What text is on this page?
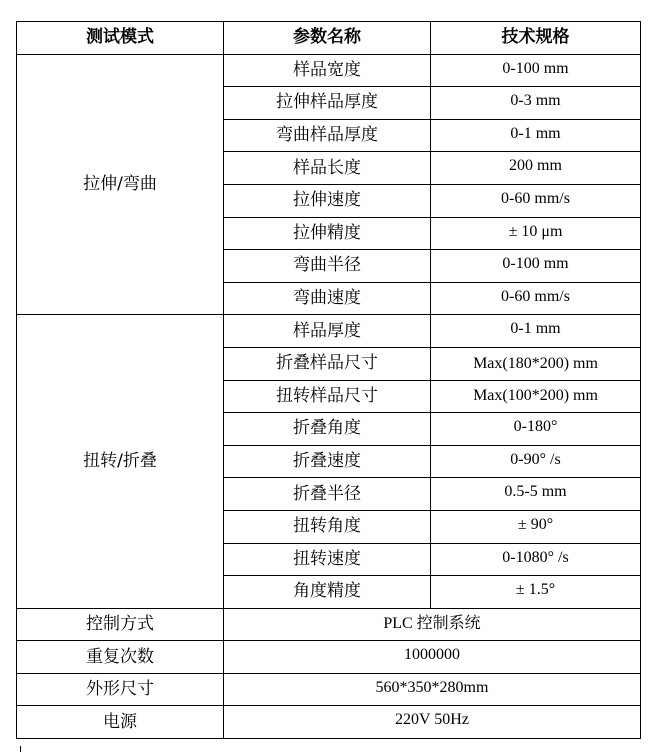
测试模式	参数名称	技术规格
拉伸/弯曲	样品宽度	0-100 mm
	拉伸样品厚度	0-3 mm
	弯曲样品厚度	0-1 mm
	样品长度	200 mm
	拉伸速度	0-60 mm/s
	拉伸精度	± 10 μm
	弯曲半径	0-100 mm
	弯曲速度	0-60 mm/s
扭转/折叠	样品厚度	0-1 mm
	折叠样品尺寸	Max(180*200) mm
	扭转样品尺寸	Max(100*200) mm
	折叠角度	0-180°
	折叠速度	0-90° /s
	折叠半径	0.5-5 mm
	扭转角度	± 90°
	扭转速度	0-1080° /s
	角度精度	± 1.5°
控制方式	PLC 控制系统	
重复次数	1000000	
外形尺寸	560*350*280mm	
电源	220V 50Hz	
